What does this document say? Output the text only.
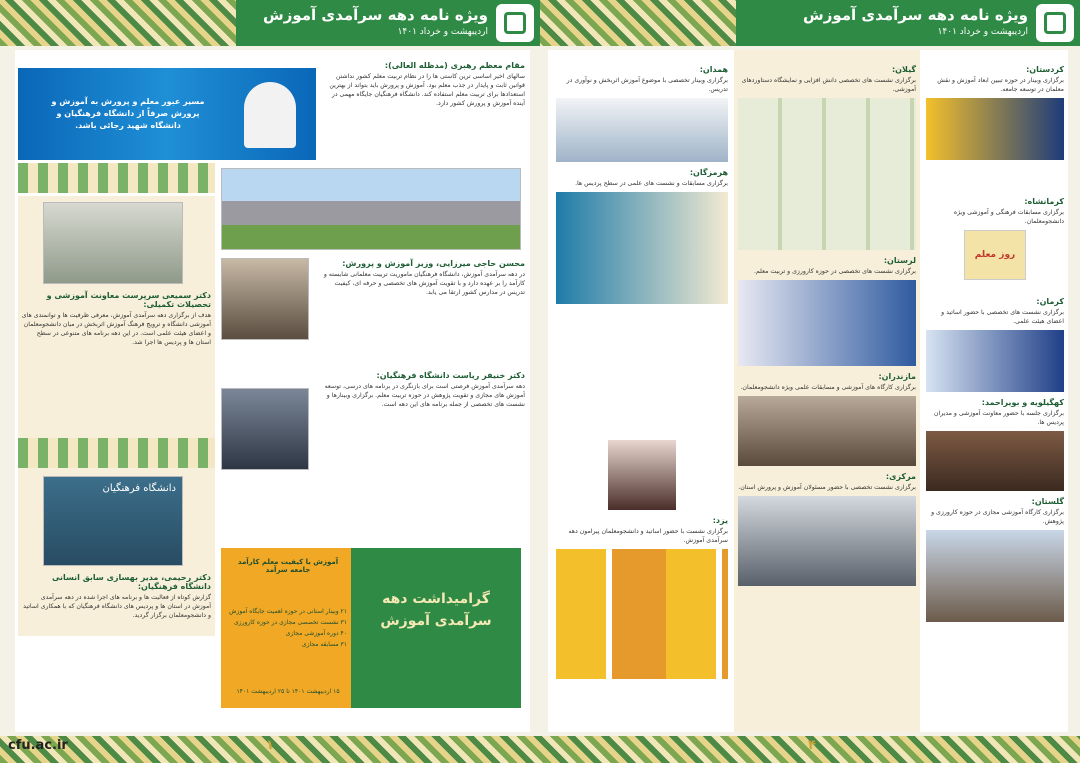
ویژه نامه دهه سرآمدی آموزش
اردیبهشت و خرداد ۱۴۰۱
ویژه نامه دهه سرآمدی آموزش
اردیبهشت و خرداد ۱۴۰۱
مسیر عبور معلم و پرورش به آموزش و پرورش صرفاً از دانشگاه فرهنگیان و دانشگاه شهید رجائی باشد.
مقام معظم رهبری (مدظله العالی):

سالهای اخیر اساسی ترین کاستی ها را در نظام تربیت معلم کشور نداشتن قوانین ثابت و پایدار در جذب معلم بود. آموزش و پرورش باید بتواند از بهترین استعدادها برای تربیت معلم استفاده کند. دانشگاه فرهنگیان جایگاه مهمی در آینده آموزش و پرورش کشور دارد.

دکتر سمیعی سرپرست معاونت آموزشی و تحصیلات تکمیلی:

هدف از برگزاری دهه سرآمدی آموزش، معرفی ظرفیت ها و توانمندی های آموزشی دانشگاه و ترویج فرهنگ آموزش اثربخش در میان دانشجومعلمان و اعضای هیئت علمی است. در این دهه برنامه های متنوعی در سطح استان ها و پردیس ها اجرا شد.

دانشگاه فرهنگیان
دکتر رحیمی، مدیر بهسازی سابق انسانی دانشگاه فرهنگیان:

گزارش کوتاه از فعالیت ها و برنامه های اجرا شده در دهه سرآمدی آموزش در استان ها و پردیس های دانشگاه فرهنگیان که با همکاری اساتید و دانشجومعلمان برگزار گردید.

محسن حاجی میرزایی، وزیر آموزش و پرورش:

در دهه سرآمدی آموزش، دانشگاه فرهنگیان ماموریت تربیت معلمانی شایسته و کارآمد را بر عهده دارد و با تقویت آموزش های تخصصی و حرفه ای، کیفیت تدریس در مدارس کشور ارتقا می یابد.

دکتر خنیفر ریاست دانشگاه فرهنگیان:

دهه سرآمدی آموزش فرصتی است برای بازنگری در برنامه های درسی، توسعه آموزش های مجازی و تقویت پژوهش در حوزه تربیت معلم. برگزاری وبینارها و نشست های تخصصی از جمله برنامه های این دهه است.

آموزش با کیفیت معلم کارآمد جامعه سرآمد
۲۱ وبینار استانی در حوزه اهمیت جایگاه آموزش
۳۱ نشست تخصصی مجازی در حوزه کارورزی
۴۰ دوره آموزشی مجازی
۳۱ مسابقه مجازی
۱۵ اردیبهشت ۱۴۰۱ تا ۲۵ اردیبهشت ۱۴۰۱
گرامیداشت دهه سرآمدی آموزش
کردستان:

برگزاری وبینار در حوزه تبیین ابعاد آموزش و نقش معلمان در توسعه جامعه.

کرمانشاه:

برگزاری مسابقات فرهنگی و آموزشی ویژه دانشجومعلمان.

روز معلم
کرمان:

برگزاری نشست های تخصصی با حضور اساتید و اعضای هیئت علمی.

کهگیلویه و بویراحمد:

برگزاری جلسه با حضور معاونت آموزشی و مدیران پردیس ها.

گلستان:

برگزاری کارگاه آموزشی مجازی در حوزه کارورزی و پژوهش.

گیلان:

برگزاری نشست های تخصصی دانش افزایی و نمایشگاه دستاوردهای آموزشی.

لرستان:

برگزاری نشست های تخصصی در حوزه کارورزی و تربیت معلم.

مازندران:

برگزاری کارگاه های آموزشی و مسابقات علمی ویژه دانشجومعلمان.

مرکزی:

برگزاری نشست تخصصی با حضور مسئولان آموزش و پرورش استان.

همدان:

برگزاری وبینار تخصصی با موضوع آموزش اثربخش و نوآوری در تدریس.

هرمزگان:

برگزاری مسابقات و نشست های علمی در سطح پردیس ها.

یزد:

برگزاری نشست با حضور اساتید و دانشجومعلمان پیرامون دهه سرآمدی آموزش.

cfu.ac.ir	۱	۴
